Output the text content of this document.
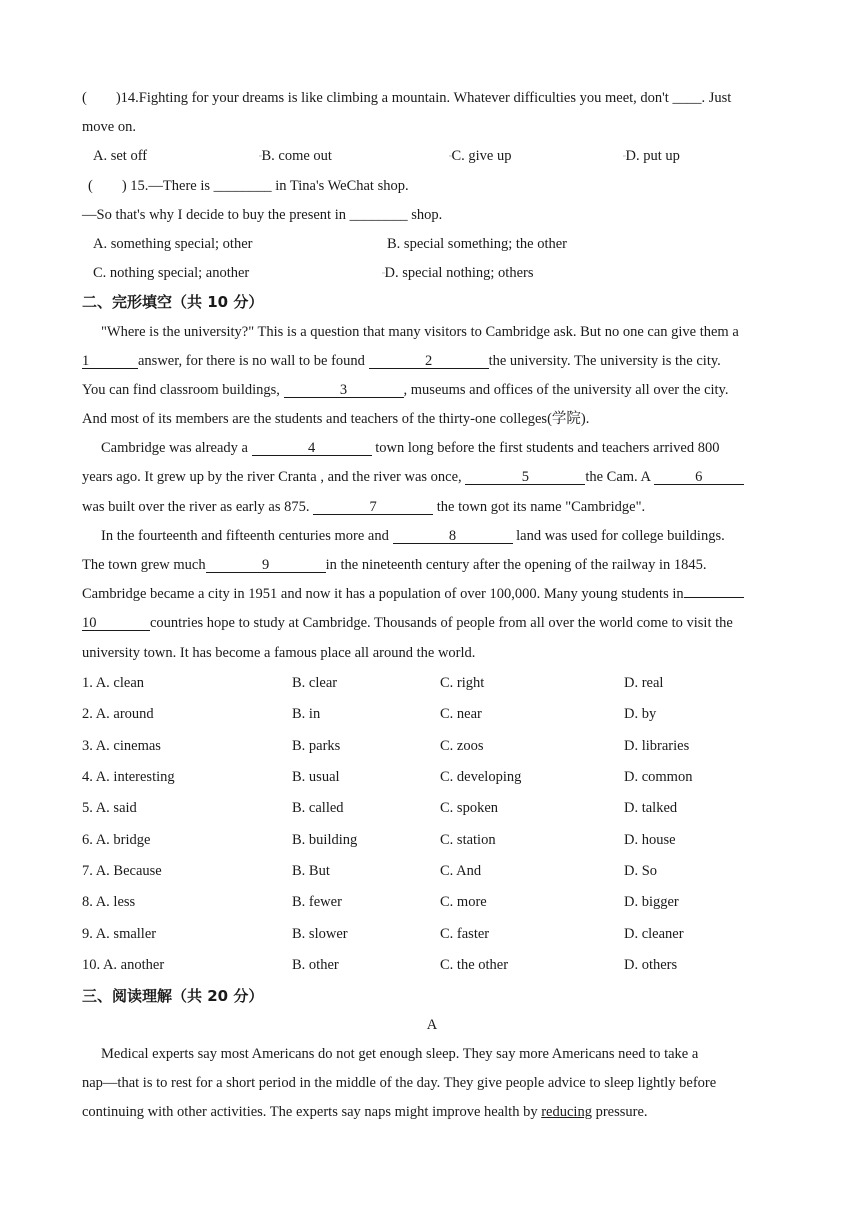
(        )14.Fighting for your dreams is like climbing a mountain. Whatever difficulties you meet, don't ____. Just
move on.
A. set off	▫B. come out	▫C. give up	▫D. put up
(        ) 15.—There is ________ in Tina's WeChat shop.
—So that's why I decide to buy the present in ________ shop.
A. something special; other	B. special something; the other
C. nothing special; another	▫D. special nothing; others
二、完形填空（共 10 分）
"Where is the university?" This is a question that many visitors to Cambridge ask. But no one can give them a
1	answer, for there is no wall to be found	2	the university. The university is the city.
You can find classroom buildings,	3	, museums and offices of the university all over the city.
And most of its members are the students and teachers of the thirty-one colleges(学院).
Cambridge was already a	4	town long before the first students and teachers arrived 800
years ago. It grew up by the river Cranta , and the river was once,	5	the Cam. A	6
was built over the river as early as 875.	7	the town got its name "Cambridge".
In the fourteenth and fifteenth centuries more and	8	land was used for college buildings.
The town grew much	9	in the nineteenth century after the opening of the railway in 1845.
Cambridge became a city in 1951 and now it has a population of over 100,000. Many young students in
10	countries hope to study at Cambridge. Thousands of people from all over the world come to visit the
university town. It has become a famous place all around the world.
1. A. clean	B. clear	C. right	D. real
2. A. around	B. in	C. near	D. by
3. A. cinemas	B. parks	C. zoos	D. libraries
4. A. interesting	B. usual	C. developing	D. common
5. A. said	B. called	C. spoken	D. talked
6. A. bridge	B. building	C. station	D. house
7. A. Because	B. But	C. And	D. So
8. A. less	B. fewer	C. more	D. bigger
9. A. smaller	B. slower	C. faster	D. cleaner
10. A. another	B. other	C. the other	D. others
三、阅读理解（共 20 分）
A
Medical experts say most Americans do not get enough sleep. They say more Americans need to take a
nap—that is to rest for a short period in the middle of the day. They give people advice to sleep lightly before
continuing with other activities. The experts say naps might improve health by reducing pressure.
